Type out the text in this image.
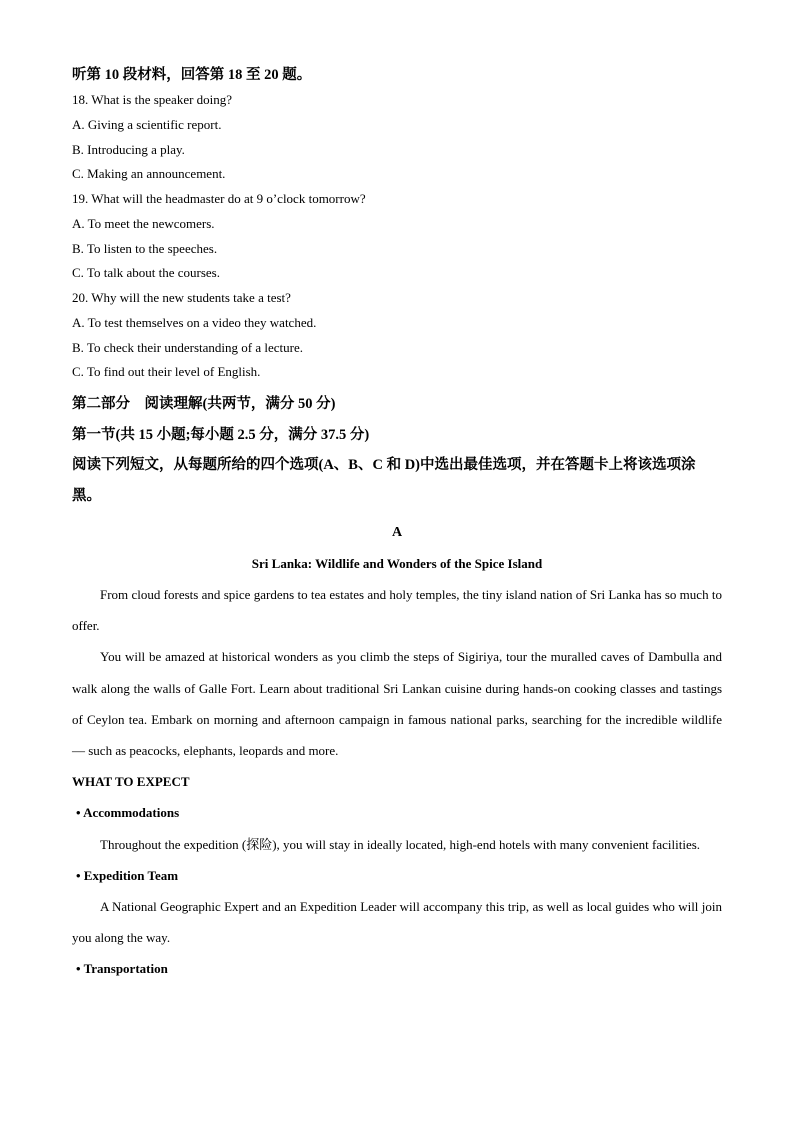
听第 10 段材料，回答第 18 至 20 题。
18. What is the speaker doing?
A. Giving a scientific report.
B. Introducing a play.
C. Making an announcement.
19. What will the headmaster do at 9 o’clock tomorrow?
A. To meet the newcomers.
B. To listen to the speeches.
C. To talk about the courses.
20. Why will the new students take a test?
A. To test themselves on a video they watched.
B. To check their understanding of a lecture.
C. To find out their level of English.
第二部分　阅读理解(共两节，满分 50 分)
第一节(共 15 小题;每小题 2.5 分，满分 37.5 分)
阅读下列短文，从每题所给的四个选项(A、B、C 和 D)中选出最佳选项，并在答题卡上将该选项涂黑。
A
Sri Lanka: Wildlife and Wonders of the Spice Island
From cloud forests and spice gardens to tea estates and holy temples, the tiny island nation of Sri Lanka has so much to offer.
You will be amazed at historical wonders as you climb the steps of Sigiriya, tour the muralled caves of Dambulla and walk along the walls of Galle Fort. Learn about traditional Sri Lankan cuisine during hands-on cooking classes and tastings of Ceylon tea. Embark on morning and afternoon campaign in famous national parks, searching for the incredible wildlife — such as peacocks, elephants, leopards and more.
WHAT TO EXPECT
• Accommodations
Throughout the expedition (探险), you will stay in ideally located, high-end hotels with many convenient facilities.
• Expedition Team
A National Geographic Expert and an Expedition Leader will accompany this trip, as well as local guides who will join you along the way.
• Transportation
